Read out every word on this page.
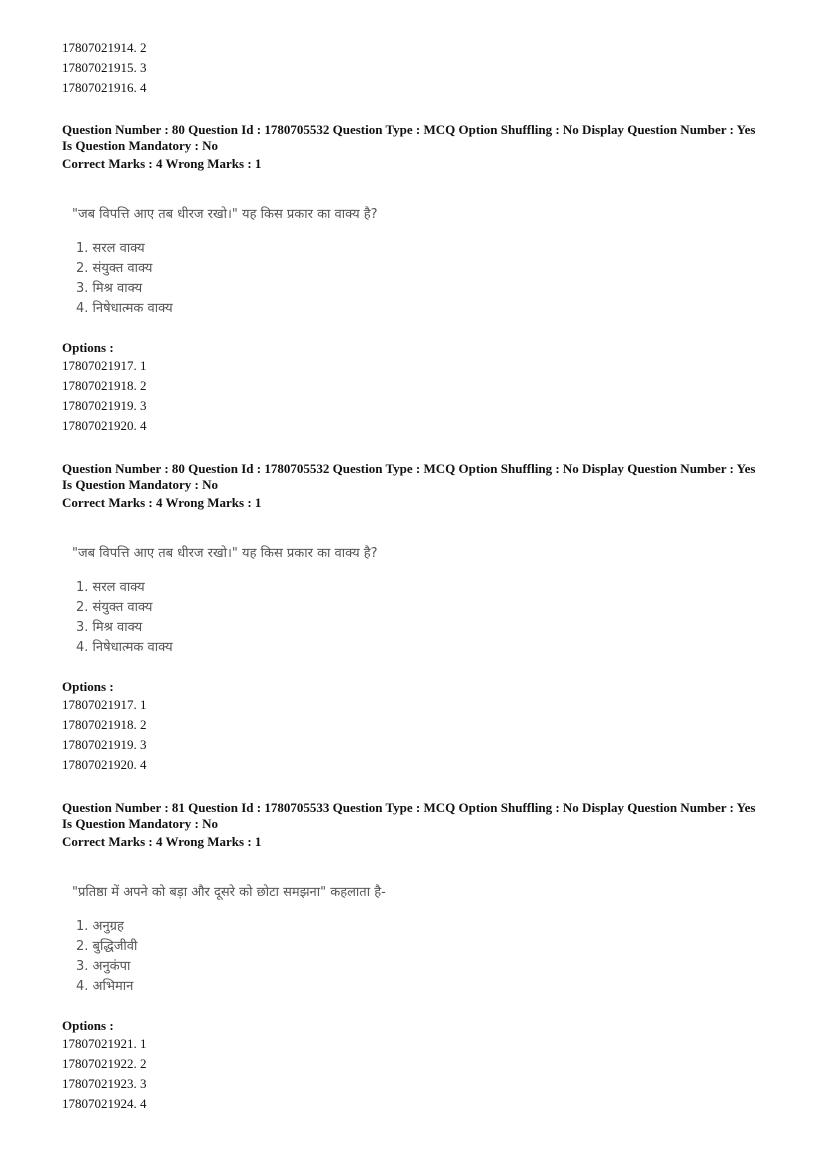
17807021914. 2
17807021915. 3
17807021916. 4
Question Number : 80 Question Id : 1780705532 Question Type : MCQ Option Shuffling : No Display Question Number : Yes
Is Question Mandatory : No
Correct Marks : 4 Wrong Marks : 1
"जब विपत्ति आए तब धीरज रखो।" यह किस प्रकार का वाक्य है?
1. सरल वाक्य
2. संयुक्त वाक्य
3. मिश्र वाक्य
4. निषेधात्मक वाक्य
Options :
17807021917. 1
17807021918. 2
17807021919. 3
17807021920. 4
Question Number : 80 Question Id : 1780705532 Question Type : MCQ Option Shuffling : No Display Question Number : Yes
Is Question Mandatory : No
Correct Marks : 4 Wrong Marks : 1
"जब विपत्ति आए तब धीरज रखो।" यह किस प्रकार का वाक्य है?
1. सरल वाक्य
2. संयुक्त वाक्य
3. मिश्र वाक्य
4. निषेधात्मक वाक्य
Options :
17807021917. 1
17807021918. 2
17807021919. 3
17807021920. 4
Question Number : 81 Question Id : 1780705533 Question Type : MCQ Option Shuffling : No Display Question Number : Yes
Is Question Mandatory : No
Correct Marks : 4 Wrong Marks : 1
"प्रतिष्ठा में अपने को बड़ा और दूसरे को छोटा समझना" कहलाता है-
1. अनुग्रह
2. बुद्धिजीवी
3. अनुकंपा
4. अभिमान
Options :
17807021921. 1
17807021922. 2
17807021923. 3
17807021924. 4
